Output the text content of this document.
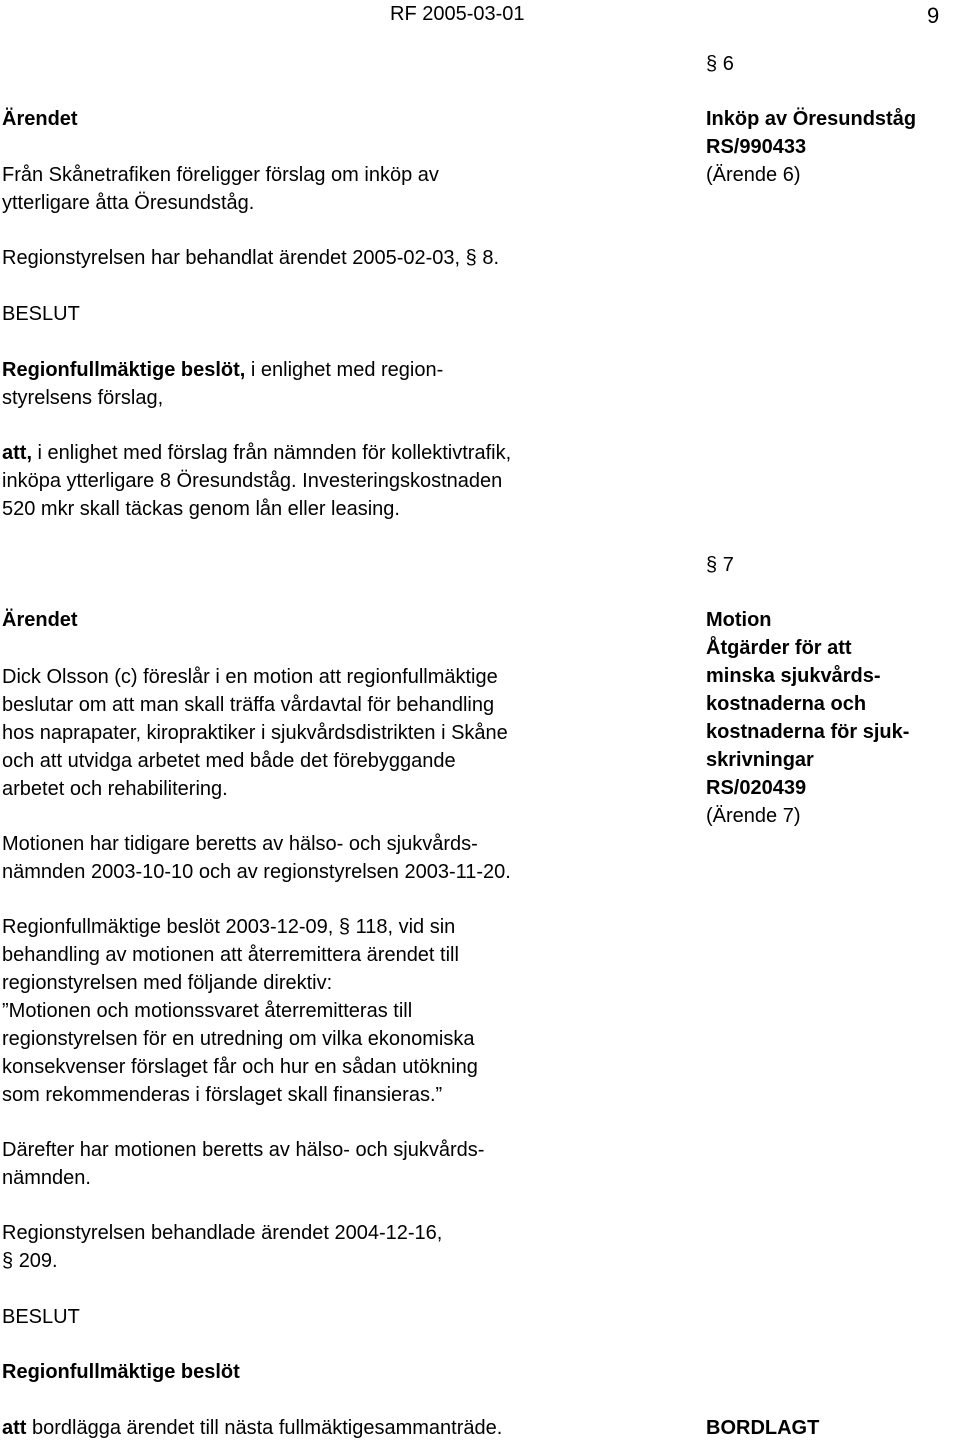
RF 2005-03-01	9
§ 6
Inköp av Öresundståg
RS/990433
(Ärende 6)
Ärendet
Från Skånetrafiken föreligger förslag om inköp av
ytterligare åtta Öresundståg.
Regionstyrelsen har behandlat ärendet 2005-02-03, § 8.
BESLUT
Regionfullmäktige beslöt, i enlighet med region-
styrelsens förslag,
att, i enlighet med förslag från nämnden för kollektivtrafik,
inköpa ytterligare 8 Öresundståg. Investeringskostnaden
520 mkr skall täckas genom lån eller leasing.
§ 7
Motion
Åtgärder för att
minska sjukvårds-
kostnaderna och
kostnaderna för sjuk-
skrivningar
RS/020439
(Ärende 7)
Ärendet
Dick Olsson (c) föreslår i en motion att regionfullmäktige
beslutar om att man skall träffa vårdavtal för behandling
hos naprapater, kiropraktiker i sjukvårdsdistrikten i Skåne
och att utvidga arbetet med både det förebyggande
arbetet och rehabilitering.
Motionen har tidigare beretts av hälso- och sjukvårds-
nämnden 2003-10-10 och av regionstyrelsen 2003-11-20.
Regionfullmäktige beslöt 2003-12-09, § 118, vid sin
behandling av motionen att återremittera ärendet till
regionstyrelsen med följande direktiv:
”Motionen och motionssvaret återremitteras till
regionstyrelsen för en utredning om vilka ekonomiska
konsekvenser förslaget får och hur en sådan utökning
som rekommenderas i förslaget skall finansieras.”
Därefter har motionen beretts av hälso- och sjukvårds-
nämnden.
Regionstyrelsen behandlade ärendet 2004-12-16,
§ 209.
BESLUT
Regionfullmäktige beslöt
att bordlägga ärendet till nästa fullmäktigesammanträde.	BORDLAGT
